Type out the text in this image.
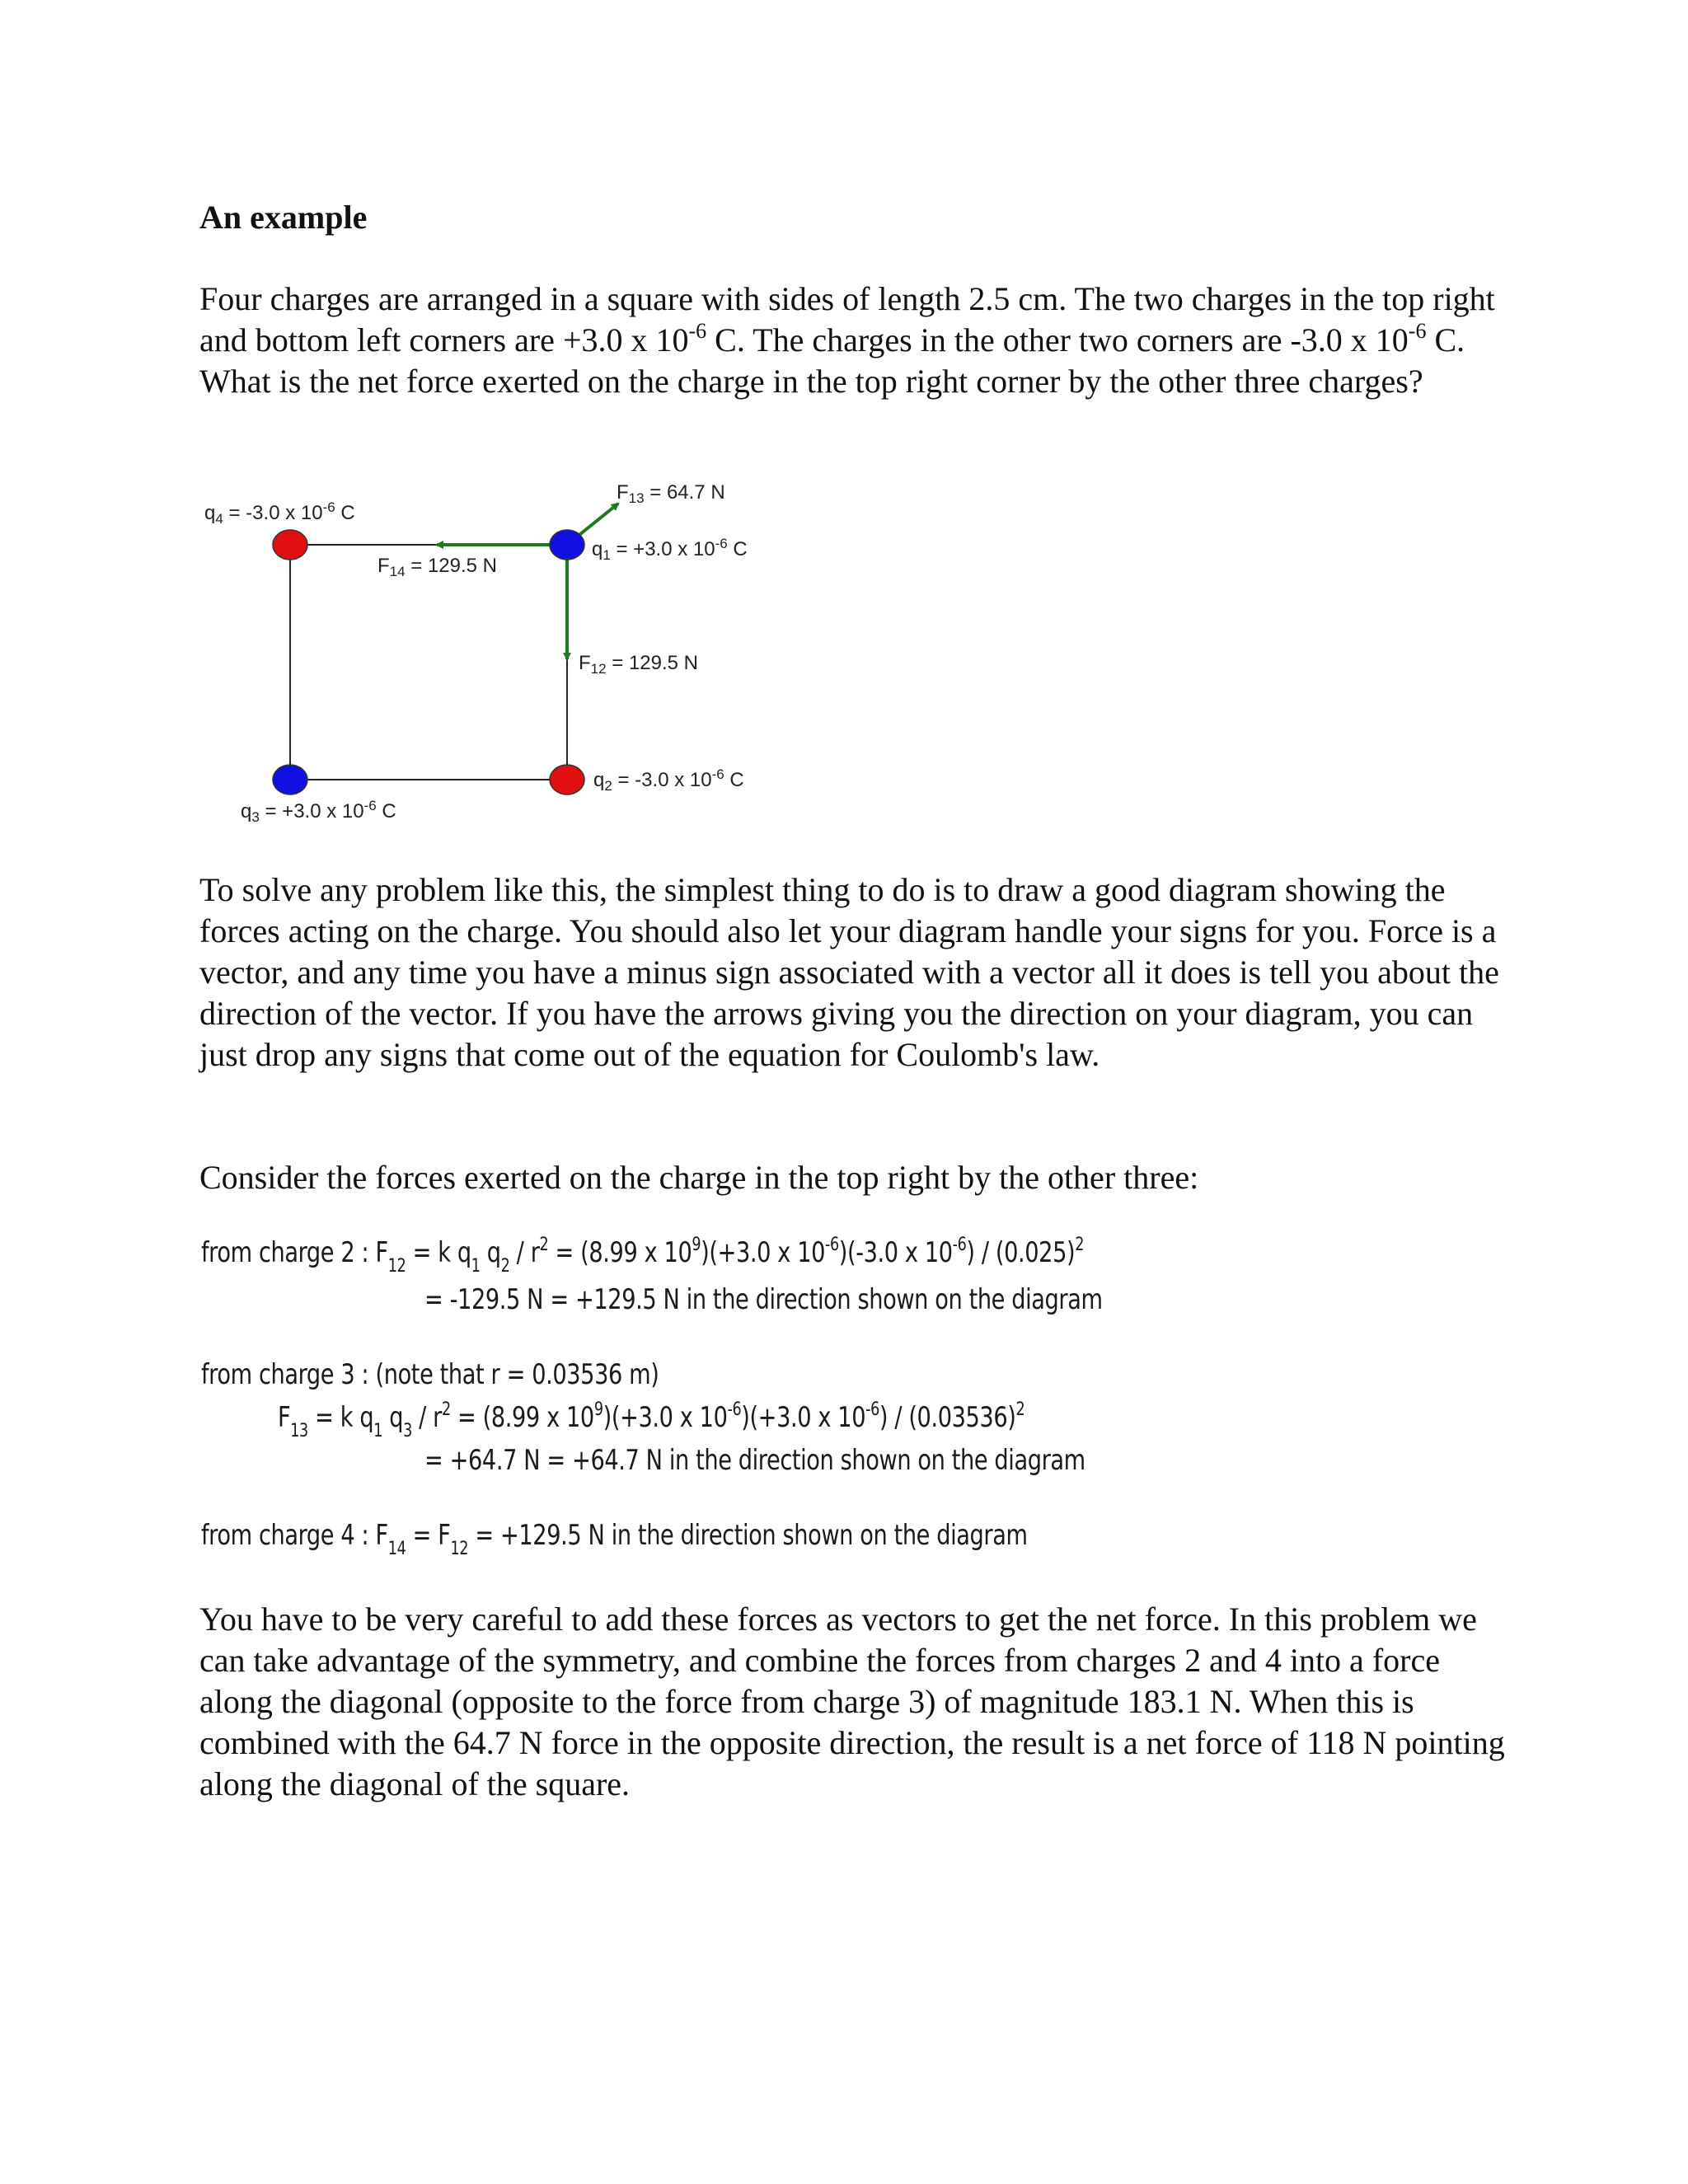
An example

Four charges are arranged in a square with sides of length 2.5 cm. The two charges in the top right and bottom left corners are +3.0 x $10^{-6}$ C. The charges in the other two corners are -3.0 x $10^{-6}$ C. What is the net force exerted on the charge in the top right corner by the other three charges?

$q_4 = -3.0$ x $10^{-6}$ C
$q_1 = +3.0$ x $10^{-6}$ C
$q_2 = -3.0$ x $10^{-6}$ C
$q_3 = +3.0$ x $10^{-6}$ C
$F_{13} = 64.7$ N
$F_{14} = 129.5$ N
$F_{12} = 129.5$ N

To solve any problem like this, the simplest thing to do is to draw a good diagram showing the forces acting on the charge. You should also let your diagram handle your signs for you. Force is a vector, and any time you have a minus sign associated with a vector all it does is tell you about the direction of the vector. If you have the arrows giving you the direction on your diagram, you can just drop any signs that come out of the equation for Coulomb's law.

Consider the forces exerted on the charge in the top right by the other three:

from charge 2 : $F_{12} = k$ $q_1$ $q_2 / r^2 = (8.99$ x $10^9)(+3.0$ x $10^{-6})(-3.0$ x $10^{-6}) / (0.025)^2$
= -129.5 N = +129.5 N in the direction shown on the diagram
from charge 3 : (note that r = 0.03536 m)
$F_{13} = k$ $q_1$ $q_3 / r^2 = (8.99$ x $10^9)(+3.0$ x $10^{-6})(+3.0$ x $10^{-6}) / (0.03536)^2$
= +64.7 N = +64.7 N in the direction shown on the diagram
from charge 4 : $F_{14} = F_{12} = +129.5$ N in the direction shown on the diagram

You have to be very careful to add these forces as vectors to get the net force. In this problem we can take advantage of the symmetry, and combine the forces from charges 2 and 4 into a force along the diagonal (opposite to the force from charge 3) of magnitude 183.1 N. When this is combined with the 64.7 N force in the opposite direction, the result is a net force of 118 N pointing along the diagonal of the square.
